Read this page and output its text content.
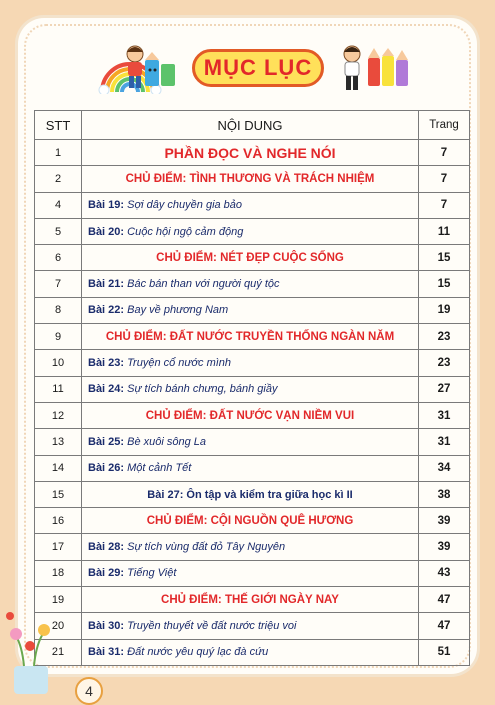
MỤC LỤC
STT	NỘI DUNG	Trang
1	PHẦN ĐỌC VÀ NGHE NÓI	7
2	CHỦ ĐIỂM: TÌNH THƯƠNG VÀ TRÁCH NHIỆM	7
4	Bài 19: Sợi dây chuyền gia bảo	7
5	Bài 20: Cuộc hội ngộ cảm động	11
6	CHỦ ĐIỂM: NÉT ĐẸP CUỘC SỐNG	15
7	Bài 21: Bác bán than với người quý tộc	15
8	Bài 22: Bay về phương Nam	19
9	CHỦ ĐIỂM: ĐẤT NƯỚC TRUYỀN THỐNG NGÀN NĂM	23
10	Bài 23: Truyện cổ nước mình	23
11	Bài 24: Sự tích bánh chưng, bánh giầy	27
12	CHỦ ĐIỂM: ĐẤT NƯỚC VẠN NIỀM VUI	31
13	Bài 25: Bè xuôi sông La	31
14	Bài 26: Một cảnh Tết	34
15	Bài 27: Ôn tập và kiểm tra giữa học kì II	38
16	CHỦ ĐIỂM: CỘI NGUỒN QUÊ HƯƠNG	39
17	Bài 28: Sự tích vùng đất đỏ Tây Nguyên	39
18	Bài 29: Tiếng Việt	43
19	CHỦ ĐIỂM: THẾ GIỚI NGÀY NAY	47
20	Bài 30: Truyền thuyết về đất nước triệu voi	47
21	Bài 31: Đất nước yêu quý lạc đà cứu	51
4
